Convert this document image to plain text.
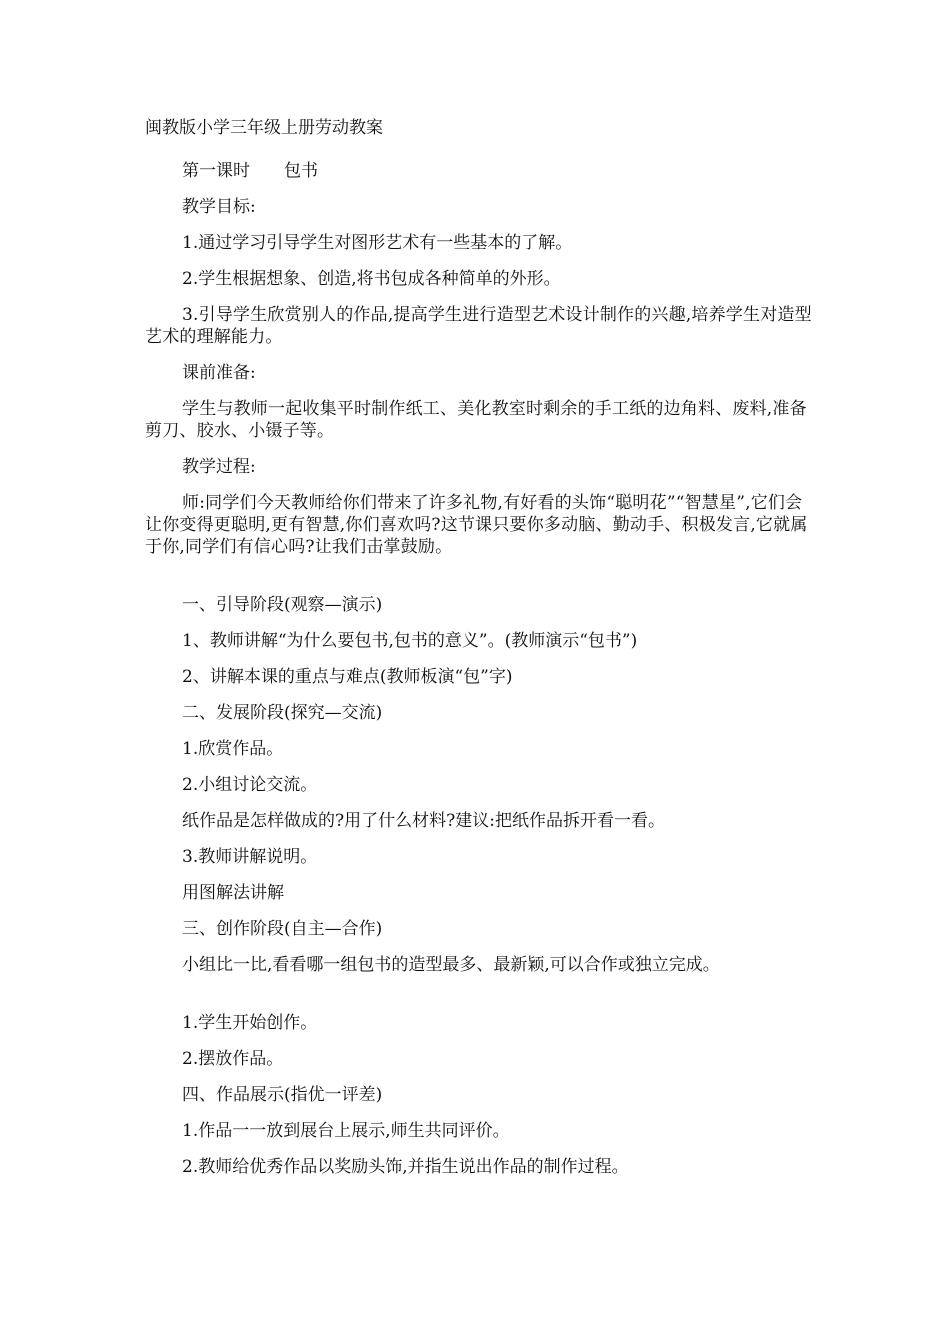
闽教版小学三年级上册劳动教案

第一课时 包书

教学目标:

1.通过学习引导学生对图形艺术有一些基本的了解。

2.学生根据想象、创造,将书包成各种简单的外形。

3.引导学生欣赏别人的作品,提高学生进行造型艺术设计制作的兴趣,培养学生对造型艺术的理解能力。

课前准备:

学生与教师一起收集平时制作纸工、美化教室时剩余的手工纸的边角料、废料,准备剪刀、胶水、小镊子等。

教学过程:

师:同学们今天教师给你们带来了许多礼物,有好看的头饰“聪明花”“智慧星”,它们会让你变得更聪明,更有智慧,你们喜欢吗?这节课只要你多动脑、勤动手、积极发言,它就属于你,同学们有信心吗?让我们击掌鼓励。

一、引导阶段(观察—演示)

1、教师讲解“为什么要包书,包书的意义”。(教师演示“包书”)

2、讲解本课的重点与难点(教师板演“包”字)

二、发展阶段(探究—交流)

1.欣赏作品。

2.小组讨论交流。

纸作品是怎样做成的?用了什么材料?建议:把纸作品拆开看一看。

3.教师讲解说明。

用图解法讲解

三、创作阶段(自主—合作)

小组比一比,看看哪一组包书的造型最多、最新颖,可以合作或独立完成。

1.学生开始创作。

2.摆放作品。

四、作品展示(指优一评差)

1.作品一一放到展台上展示,师生共同评价。

2.教师给优秀作品以奖励头饰,并指生说出作品的制作过程。
